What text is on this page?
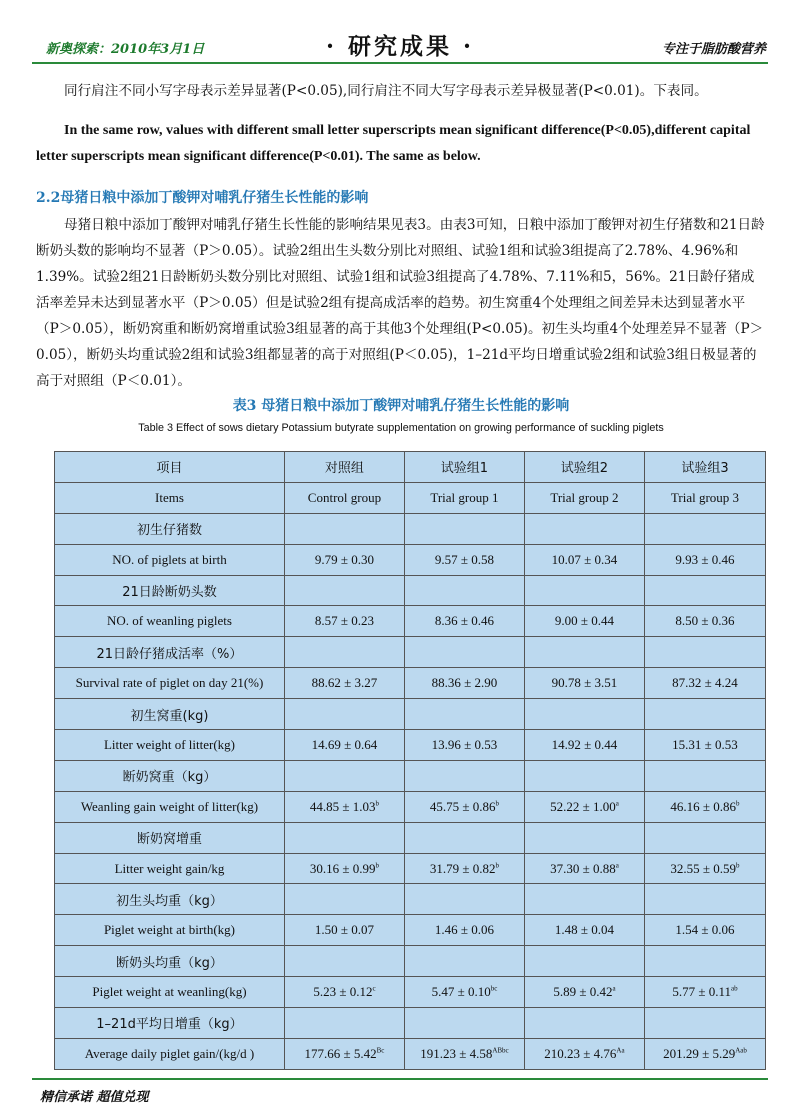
新奥探索：2010年3月1日	· 研究成果 ·	专注于脂肪酸营养

同行肩注不同小写字母表示差异显著(P<0.05),同行肩注不同大写字母表示差异极显著(P<0.01)。下表同。

In the same row, values with different small letter superscripts mean significant difference(P<0.05),different capital letter superscripts mean significant difference(P<0.01). The same as below.

2.2母猪日粮中添加丁酸钾对哺乳仔猪生长性能的影响

母猪日粮中添加丁酸钾对哺乳仔猪生长性能的影响结果见表3。由表3可知，日粮中添加丁酸钾对初生仔猪数和21日龄断奶头数的影响均不显著（P＞0.05）。试验2组出生头数分别比对照组、试验1组和试验3组提高了2.78%、4.96%和1.39%。试验2组21日龄断奶头数分别比对照组、试验1组和试验3组提高了4.78%、7.11%和5，56%。21日龄仔猪成活率差异未达到显著水平（P＞0.05）但是试验2组有提高成活率的趋势。初生窝重4个处理组之间差异未达到显著水平（P＞0.05），断奶窝重和断奶窝增重试验3组显著的高于其他3个处理组(P<0.05)。初生头均重4个处理差异不显著（P＞0.05），断奶头均重试验2组和试验3组都显著的高于对照组(P＜0.05)，1–21d平均日增重试验2组和试验3组日极显著的高于对照组（P＜0.01）。

表3 母猪日粮中添加丁酸钾对哺乳仔猪生长性能的影响

Table 3 Effect of sows dietary Potassium butyrate supplementation on growing performance of suckling piglets

项目	对照组	试验组1	试验组2	试验组3
Items	Control group	Trial group 1	Trial group 2	Trial group 3
初生仔猪数				
NO. of piglets at birth	9.79 ± 0.30	9.57 ± 0.58	10.07 ± 0.34	9.93 ± 0.46
21日龄断奶头数				
NO. of weanling piglets	8.57 ± 0.23	8.36 ± 0.46	9.00 ± 0.44	8.50 ± 0.36
21日龄仔猪成活率（%）				
Survival rate of piglet on day 21(%)	88.62 ± 3.27	88.36 ± 2.90	90.78 ± 3.51	87.32 ± 4.24
初生窝重(kg)				
Litter weight of litter(kg)	14.69 ± 0.64	13.96 ± 0.53	14.92 ± 0.44	15.31 ± 0.53
断奶窝重（kg）				
Weanling gain weight of litter(kg)	44.85 ± 1.03$^b$	45.75 ± 0.86$^b$	52.22 ± 1.00$^a$	46.16 ± 0.86$^b$
断奶窝增重				
Litter weight gain/kg	30.16 ± 0.99$^b$	31.79 ± 0.82$^b$	37.30 ± 0.88$^a$	32.55 ± 0.59$^b$
初生头均重（kg）				
Piglet weight at birth(kg)	1.50 ± 0.07	1.46 ± 0.06	1.48 ± 0.04	1.54 ± 0.06
断奶头均重（kg）				
Piglet weight at weanling(kg)	5.23 ± 0.12$^c$	5.47 ± 0.10$^{bc}$	5.89 ± 0.42$^a$	5.77 ± 0.11$^{ab}$
1–21d平均日增重（kg）				
Average daily piglet gain/(kg/d )	$177.66 \pm 5.42^{Bc}$	$191.23 \pm 4.58^{ABbc}$	$210.23 \pm 4.76^{Aa}$	$201.29 \pm 5.29^{Aab}$
精信承诺 超值兑现
